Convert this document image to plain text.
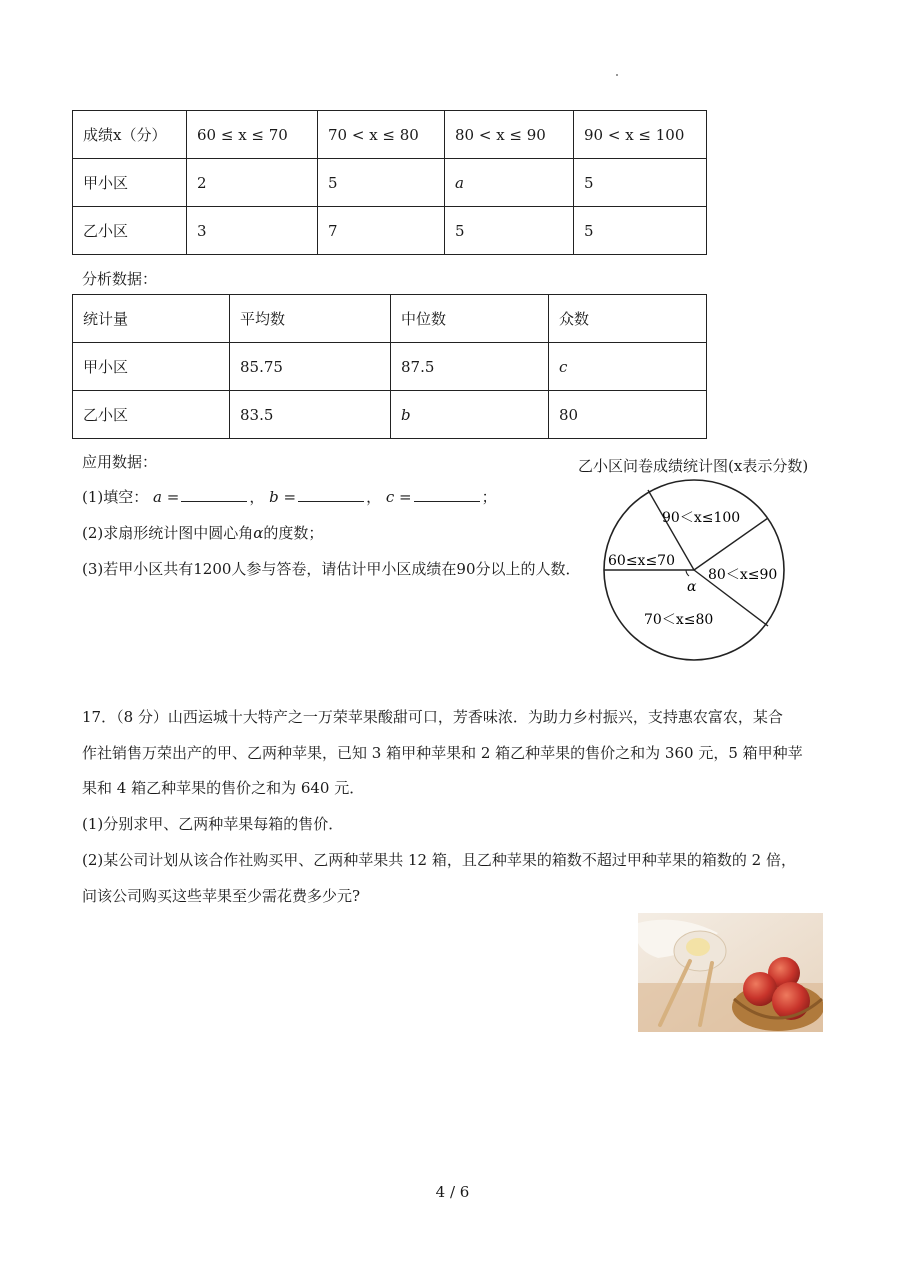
成绩x（分）	60 ≤ x ≤ 70	70 < x ≤ 80	80 < x ≤ 90	90 < x ≤ 100
甲小区	2	5	a	5
乙小区	3	7	5	5
分析数据：
统计量	平均数	中位数	众数
甲小区	85.75	87.5	c
乙小区	83.5	b	80
应用数据：
(1)填空： a =	， b =	， c =	；
(2)求扇形统计图中圆心角α的度数；
(3)若甲小区共有1200人参与答卷，请估计甲小区成绩在90分以上的人数．
乙小区问卷成绩统计图(x表示分数)
90＜x≤100
60≤x≤70
80＜x≤90
70＜x≤80
α
17．（8 分）山西运城十大特产之一万荣苹果酸甜可口，芳香味浓．为助力乡村振兴，支持惠农富农，某合
作社销售万荣出产的甲、乙两种苹果，已知 3 箱甲种苹果和 2 箱乙种苹果的售价之和为 360 元，5 箱甲种苹
果和 4 箱乙种苹果的售价之和为 640 元．
(1)分别求甲、乙两种苹果每箱的售价．
(2)某公司计划从该合作社购买甲、乙两种苹果共 12 箱，且乙种苹果的箱数不超过甲种苹果的箱数的 2 倍，
问该公司购买这些苹果至少需花费多少元?
4 / 6
